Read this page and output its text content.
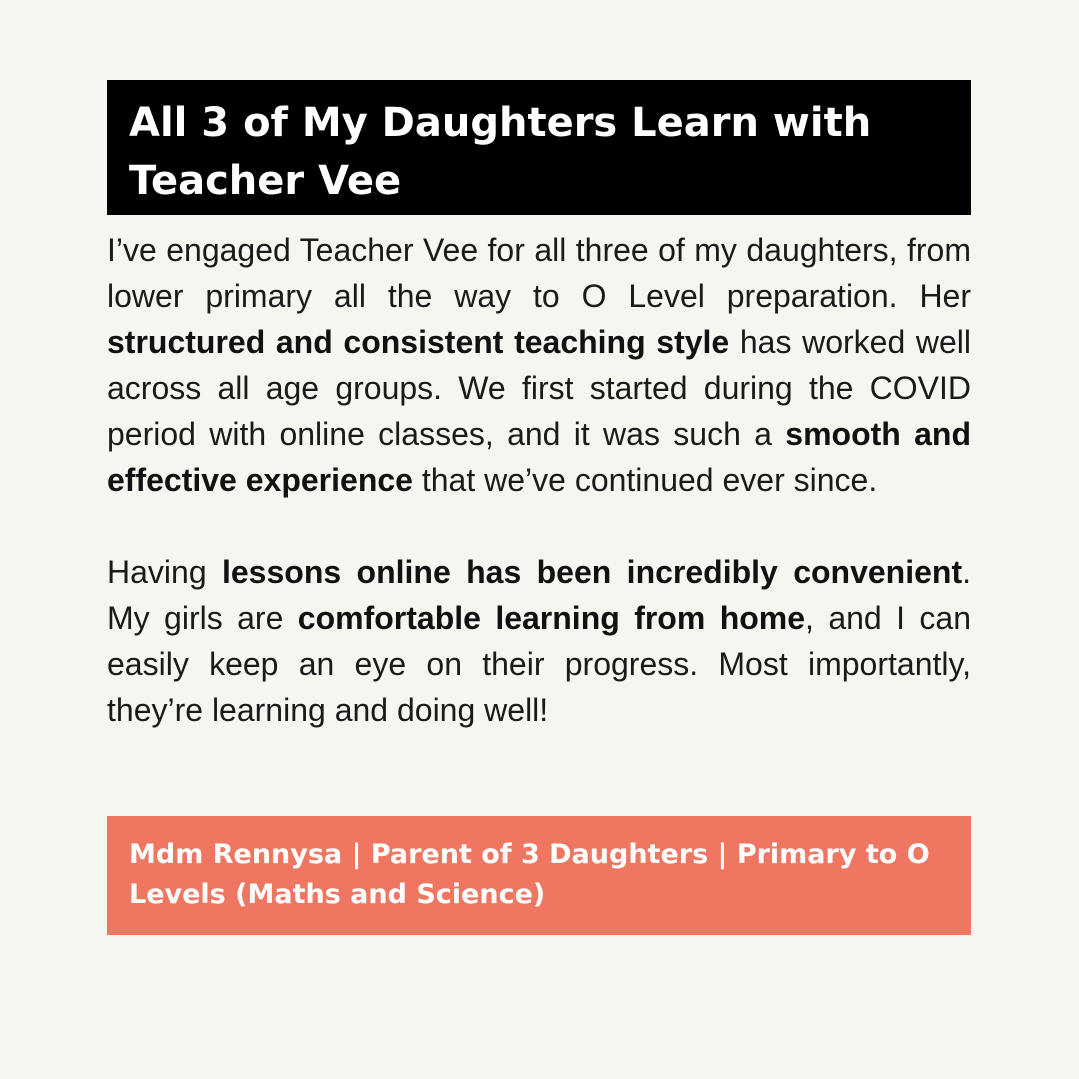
All 3 of My Daughters Learn with Teacher Vee

I’ve engaged Teacher Vee for all three of my daughters, from lower primary all the way to O Level preparation. Her structured and consistent teaching style has worked well across all age groups. We first started during the COVID period with online classes, and it was such a smooth and effective experience that we’ve continued ever since.

Having lessons online has been incredibly convenient. My girls are comfortable learning from home, and I can easily keep an eye on their progress. Most importantly, they’re learning and doing well!

Mdm Rennysa | Parent of 3 Daughters | Primary to O Levels (Maths and Science)
